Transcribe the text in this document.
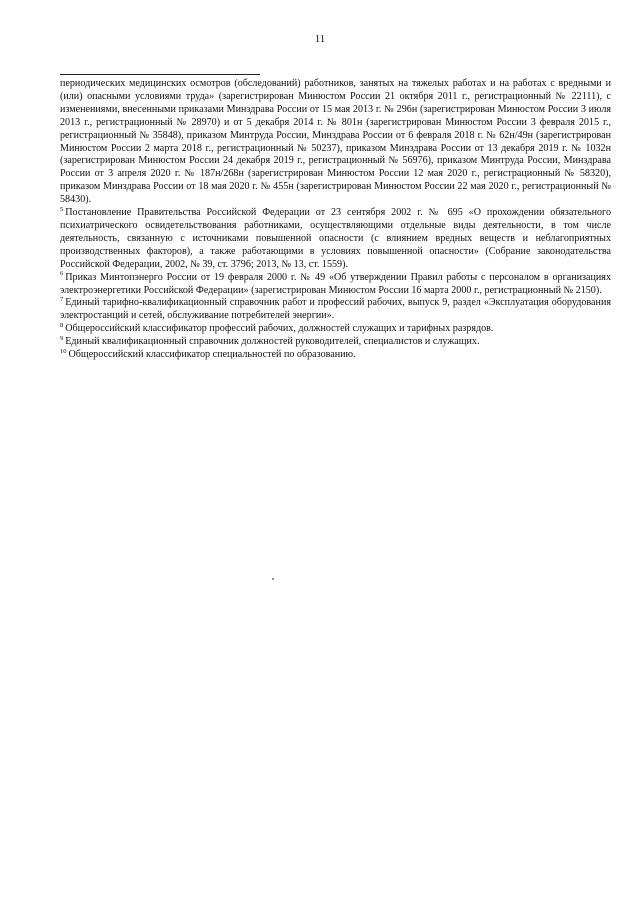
11

периодических медицинских осмотров (обследований) работников, занятых на тяжелых работах и на работах с вредными и (или) опасными условиями труда» (зарегистрирован Минюстом России 21 октября 2011 г., регистрационный № 22111), с изменениями, внесенными приказами Минздрава России от 15 мая 2013 г. № 296н (зарегистрирован Минюстом России 3 июля 2013 г., регистрационный № 28970) и от 5 декабря 2014 г. № 801н (зарегистрирован Минюстом России 3 февраля 2015 г., регистрационный № 35848), приказом Минтруда России, Минздрава России от 6 февраля 2018 г. № 62н/49н (зарегистрирован Минюстом России 2 марта 2018 г., регистрационный № 50237), приказом Минздрава России от 13 декабря 2019 г. № 1032н (зарегистрирован Минюстом России 24 декабря 2019 г., регистрационный № 56976), приказом Минтруда России, Минздрава России от 3 апреля 2020 г. № 187н/268н (зарегистрирован Минюстом России 12 мая 2020 г., регистрационный № 58320), приказом Минздрава России от 18 мая 2020 г. № 455н (зарегистрирован Минюстом России 22 мая 2020 г., регистрационный № 58430).

$^5$ Постановление Правительства Российской Федерации от 23 сентября 2002 г. № 695 «О прохождении обязательного психиатрического освидетельствования работниками, осуществляющими отдельные виды деятельности, в том числе деятельность, связанную с источниками повышенной опасности (с влиянием вредных веществ и неблагоприятных производственных факторов), а также работающими в условиях повышенной опасности» (Собрание законодательства Российской Федерации, 2002, № 39, ст. 3796; 2013, № 13, ст. 1559).

$^6$ Приказ Минтопэнерго России от 19 февраля 2000 г. № 49 «Об утверждении Правил работы с персоналом в организациях электроэнергетики Российской Федерации» (зарегистрирован Минюстом России 16 марта 2000 г., регистрационный № 2150).

$^7$ Единый тарифно-квалификационный справочник работ и профессий рабочих, выпуск 9, раздел «Эксплуатация оборудования электростанций и сетей, обслуживание потребителей энергии».

$^8$ Общероссийский классификатор профессий рабочих, должностей служащих и тарифных разрядов.

$^9$ Единый квалификационный справочник должностей руководителей, специалистов и служащих.

$^{10}$ Общероссийский классификатор специальностей по образованию.
